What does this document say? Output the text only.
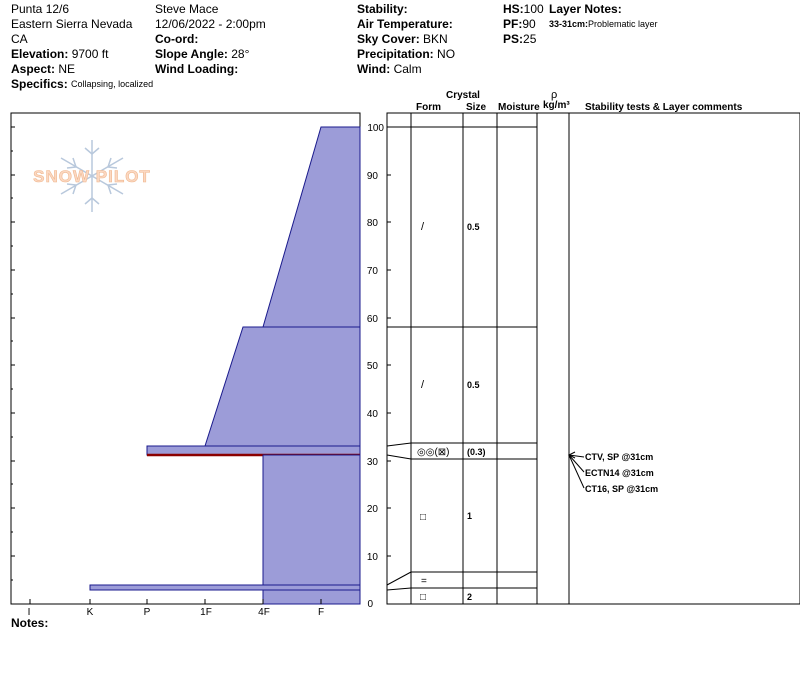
Punta 12/6
Eastern Sierra Nevada
CA
Elevation: 9700 ft
Aspect: NE
Specifics: Collapsing, localized
Steve Mace
12/06/2022 - 2:00pm
Co-ord:
Slope Angle: 28°
Wind Loading:
Stability:
Air Temperature:
Sky Cover: BKN
Precipitation: NO
Wind: Calm
HS:100
PF:90
PS:25
Layer Notes:
33-31cm:Problematic layer
SNOW PILOT
I	K	P	1F	4F	F
100
90
80
70
60
50
40
30
20
10
0
Crystal
Form	Size Moisture
ρ
kg/m³ Stability tests & Layer comments
/	0.5
/	0.5
◎◎(⊠) (0.3)
□	1
=
□	2
CTV, SP @31cm
ECTN14 @31cm
CT16, SP @31cm
Notes:
